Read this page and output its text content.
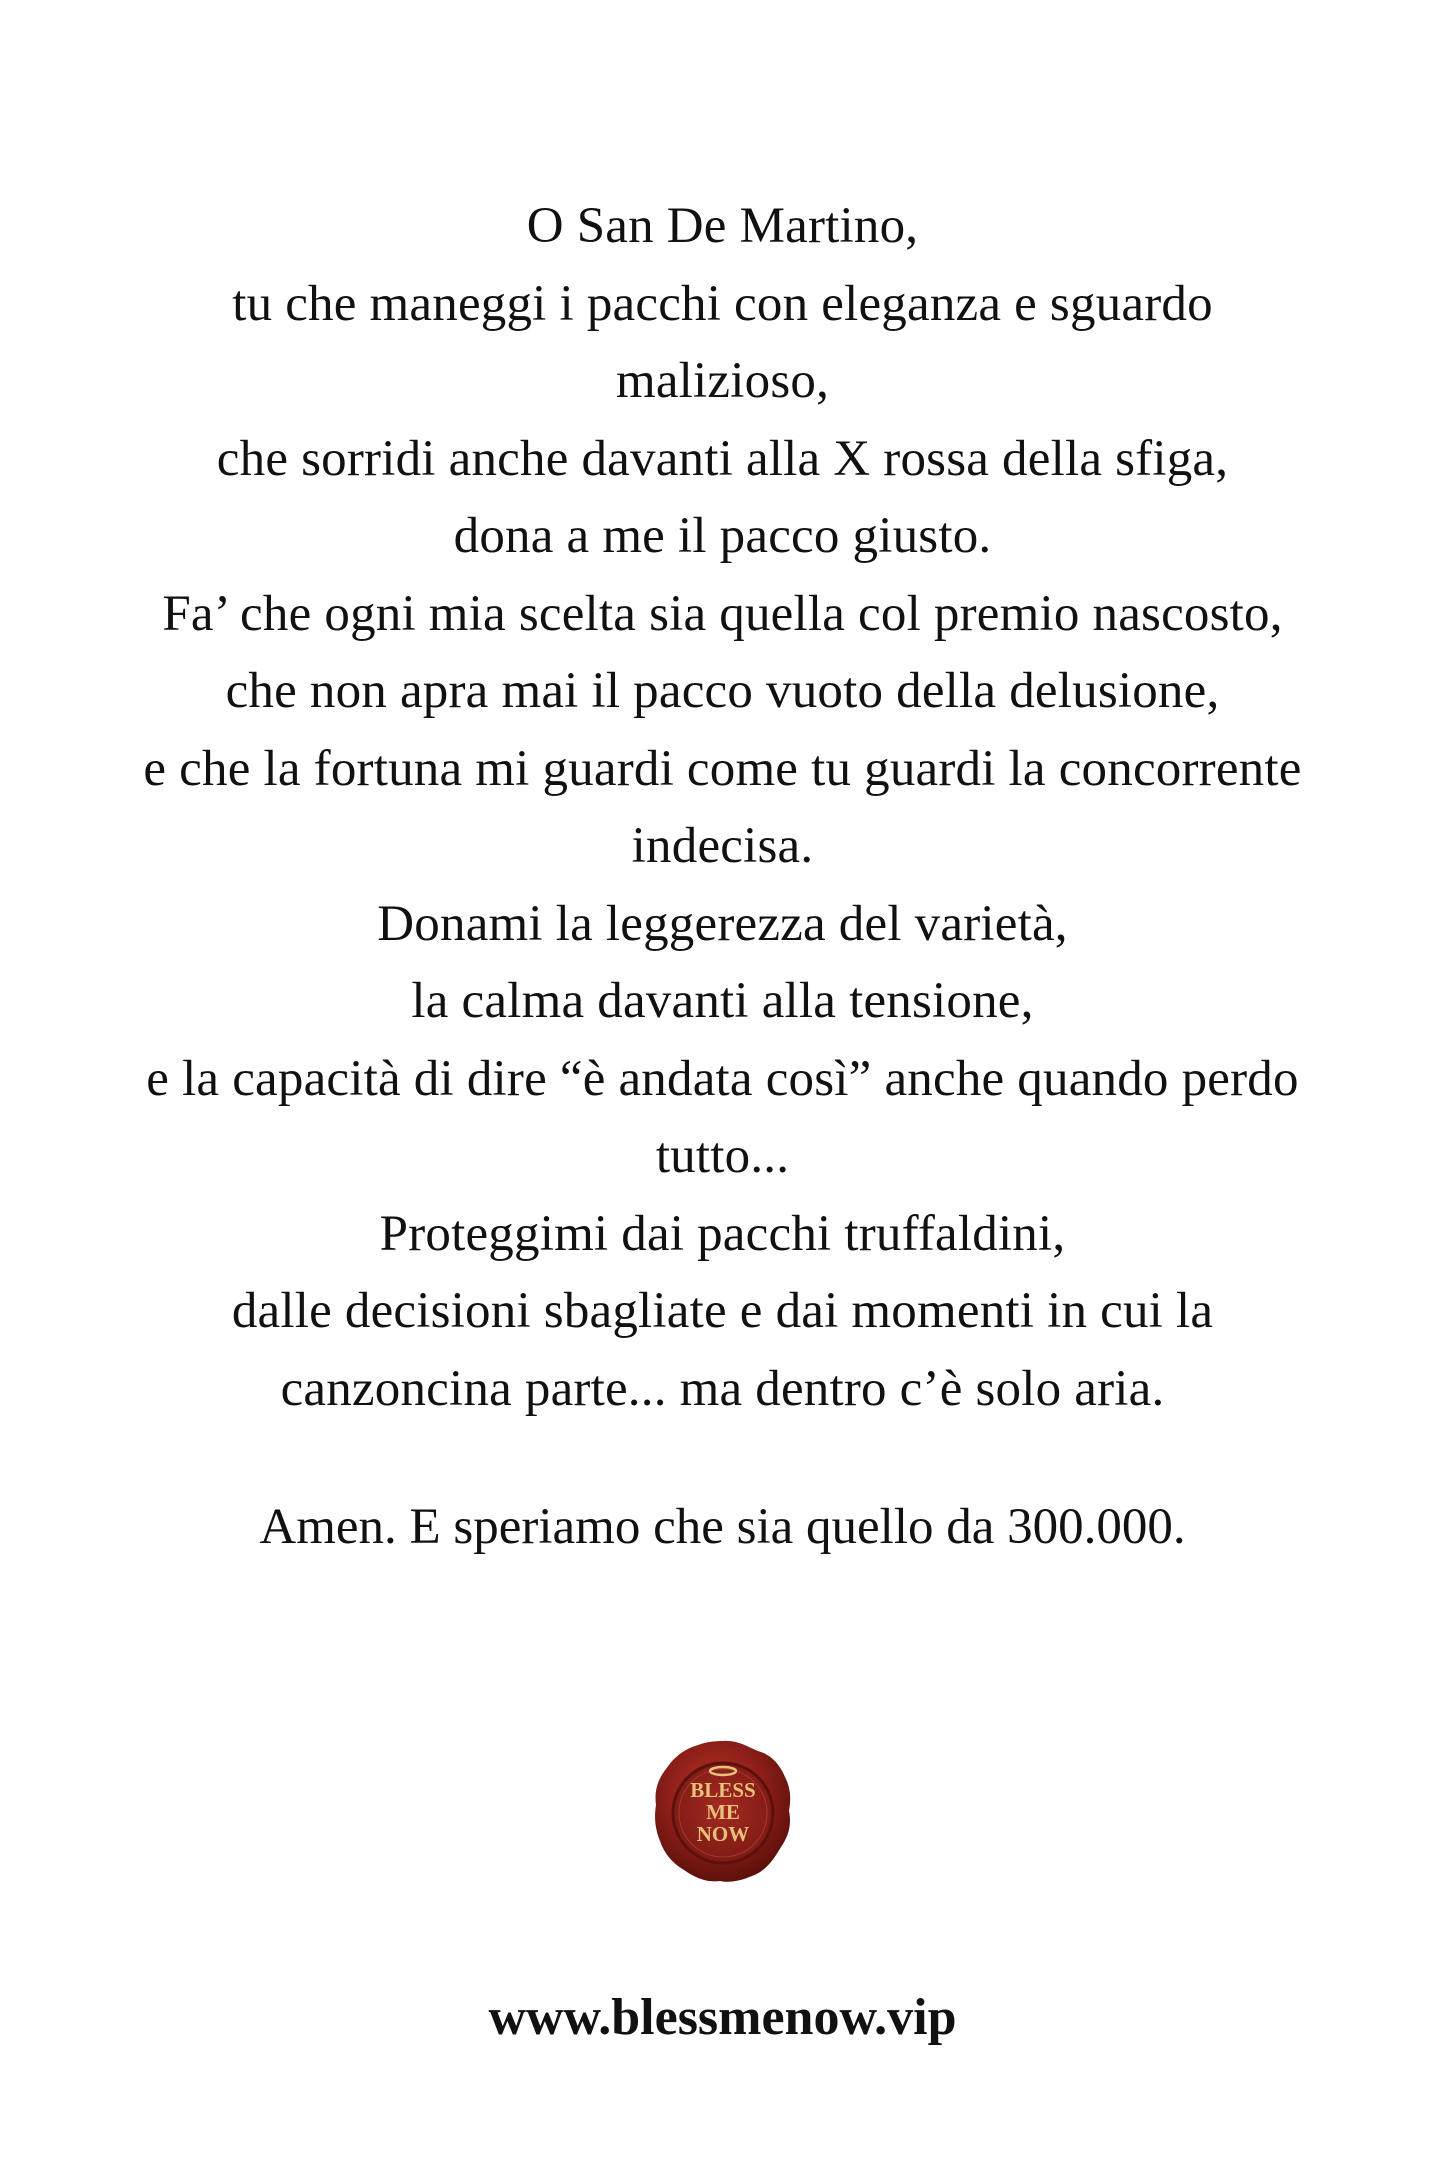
O San De Martino,
tu che maneggi i pacchi con eleganza e sguardo
malizioso,
che sorridi anche davanti alla X rossa della sfiga,
dona a me il pacco giusto.
Fa’ che ogni mia scelta sia quella col premio nascosto,
che non apra mai il pacco vuoto della delusione,
e che la fortuna mi guardi come tu guardi la concorrente
indecisa.
Donami la leggerezza del varietà,
la calma davanti alla tensione,
e la capacità di dire “è andata così” anche quando perdo
tutto...
Proteggimi dai pacchi truffaldini,
dalle decisioni sbagliate e dai momenti in cui la
canzoncina parte... ma dentro c’è solo aria.
Amen. E speriamo che sia quello da 300.000.
BLESS
ME
NOW
www.blessmenow.vip
